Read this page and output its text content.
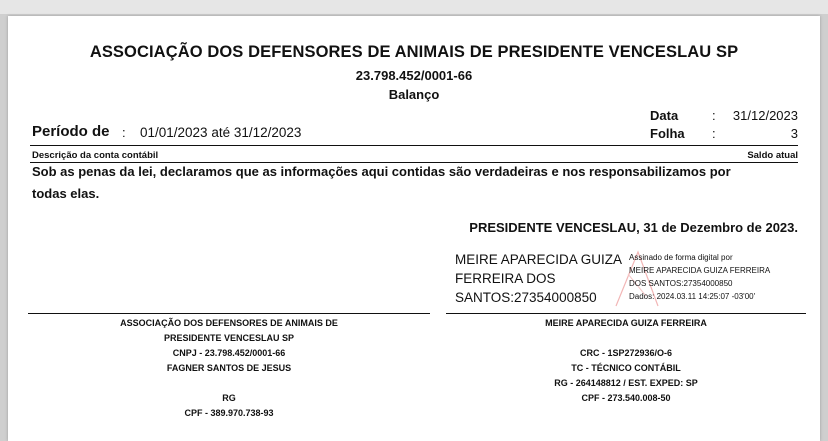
ASSOCIAÇÃO DOS DEFENSORES DE ANIMAIS DE PRESIDENTE VENCESLAU SP
23.798.452/0001-66
Balanço
Período de : 01/01/2023 até 31/12/2023
Data	: 31/12/2023
Folha :	3
Descrição da conta contábil	Saldo atual
Sob as penas da lei, declaramos que as informações aqui contidas são verdadeiras e nos responsabilizamos por
todas elas.
PRESIDENTE VENCESLAU, 31 de Dezembro de 2023.
MEIRE APARECIDA GUIZA
FERREIRA DOS
SANTOS:27354000850
Assinado de forma digital por
MEIRE APARECIDA GUIZA FERREIRA
DOS SANTOS:27354000850
Dados: 2024.03.11 14:25:07 -03'00'
ASSOCIAÇÃO DOS DEFENSORES DE ANIMAIS DE
PRESIDENTE VENCESLAU SP
CNPJ - 23.798.452/0001-66
FAGNER SANTOS DE JESUS
RG
CPF - 389.970.738-93
MEIRE APARECIDA GUIZA FERREIRA
CRC - 1SP272936/O-6
TC - TÉCNICO CONTÁBIL
RG - 264148812 / EST. EXPED: SP
CPF - 273.540.008-50
